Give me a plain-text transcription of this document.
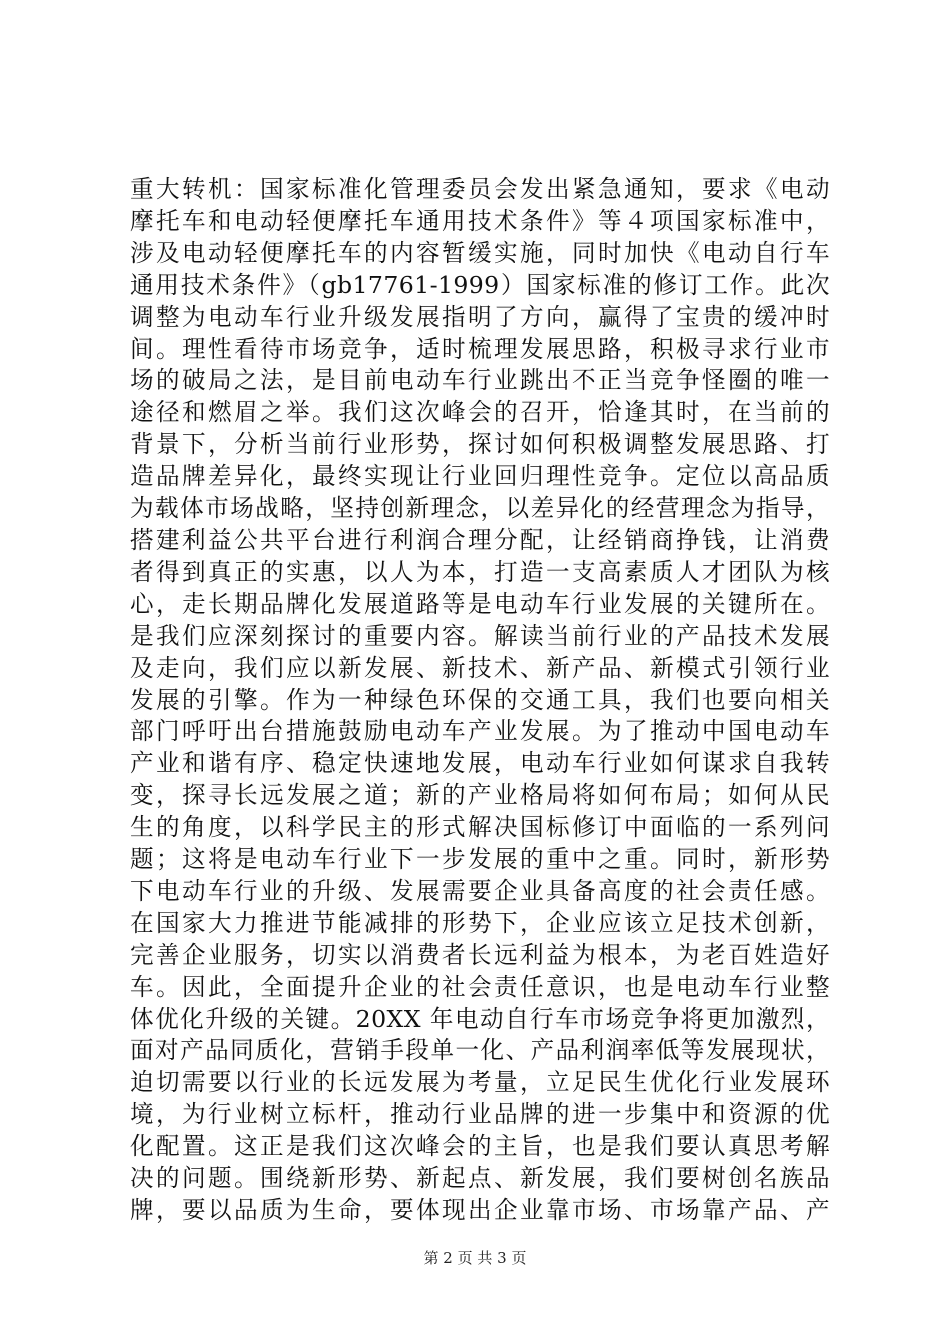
重大转机：国家标准化管理委员会发出紧急通知，要求《电动
摩托车和电动轻便摩托车通用技术条件》等４项国家标准中，
涉及电动轻便摩托车的内容暂缓实施，同时加快《电动自行车
通用技术条件》（gb17761-1999）国家标准的修订工作。此次
调整为电动车行业升级发展指明了方向，赢得了宝贵的缓冲时
间。理性看待市场竞争，适时梳理发展思路，积极寻求行业市
场的破局之法，是目前电动车行业跳出不正当竞争怪圈的唯一
途径和燃眉之举。我们这次峰会的召开，恰逢其时，在当前的
背景下，分析当前行业形势，探讨如何积极调整发展思路、打
造品牌差异化，最终实现让行业回归理性竞争。定位以高品质
为载体市场战略，坚持创新理念，以差异化的经营理念为指导，
搭建利益公共平台进行利润合理分配，让经销商挣钱，让消费
者得到真正的实惠，以人为本，打造一支高素质人才团队为核
心，走长期品牌化发展道路等是电动车行业发展的关键所在。
是我们应深刻探讨的重要内容。解读当前行业的产品技术发展
及走向，我们应以新发展、新技术、新产品、新模式引领行业
发展的引擎。作为一种绿色环保的交通工具，我们也要向相关
部门呼吁出台措施鼓励电动车产业发展。为了推动中国电动车
产业和谐有序、稳定快速地发展，电动车行业如何谋求自我转
变，探寻长远发展之道；新的产业格局将如何布局；如何从民
生的角度，以科学民主的形式解决国标修订中面临的一系列问
题；这将是电动车行业下一步发展的重中之重。同时，新形势
下电动车行业的升级、发展需要企业具备高度的社会责任感。
在国家大力推进节能减排的形势下，企业应该立足技术创新，
完善企业服务，切实以消费者长远利益为根本，为老百姓造好
车。因此，全面提升企业的社会责任意识，也是电动车行业整
体优化升级的关键。20XX 年电动自行车市场竞争将更加激烈，
面对产品同质化，营销手段单一化、产品利润率低等发展现状，
迫切需要以行业的长远发展为考量，立足民生优化行业发展环
境，为行业树立标杆，推动行业品牌的进一步集中和资源的优
化配置。这正是我们这次峰会的主旨，也是我们要认真思考解
决的问题。围绕新形势、新起点、新发展，我们要树创名族品
牌，要以品质为生命，要体现出企业靠市场、市场靠产品、产
第 2 页 共 3 页
